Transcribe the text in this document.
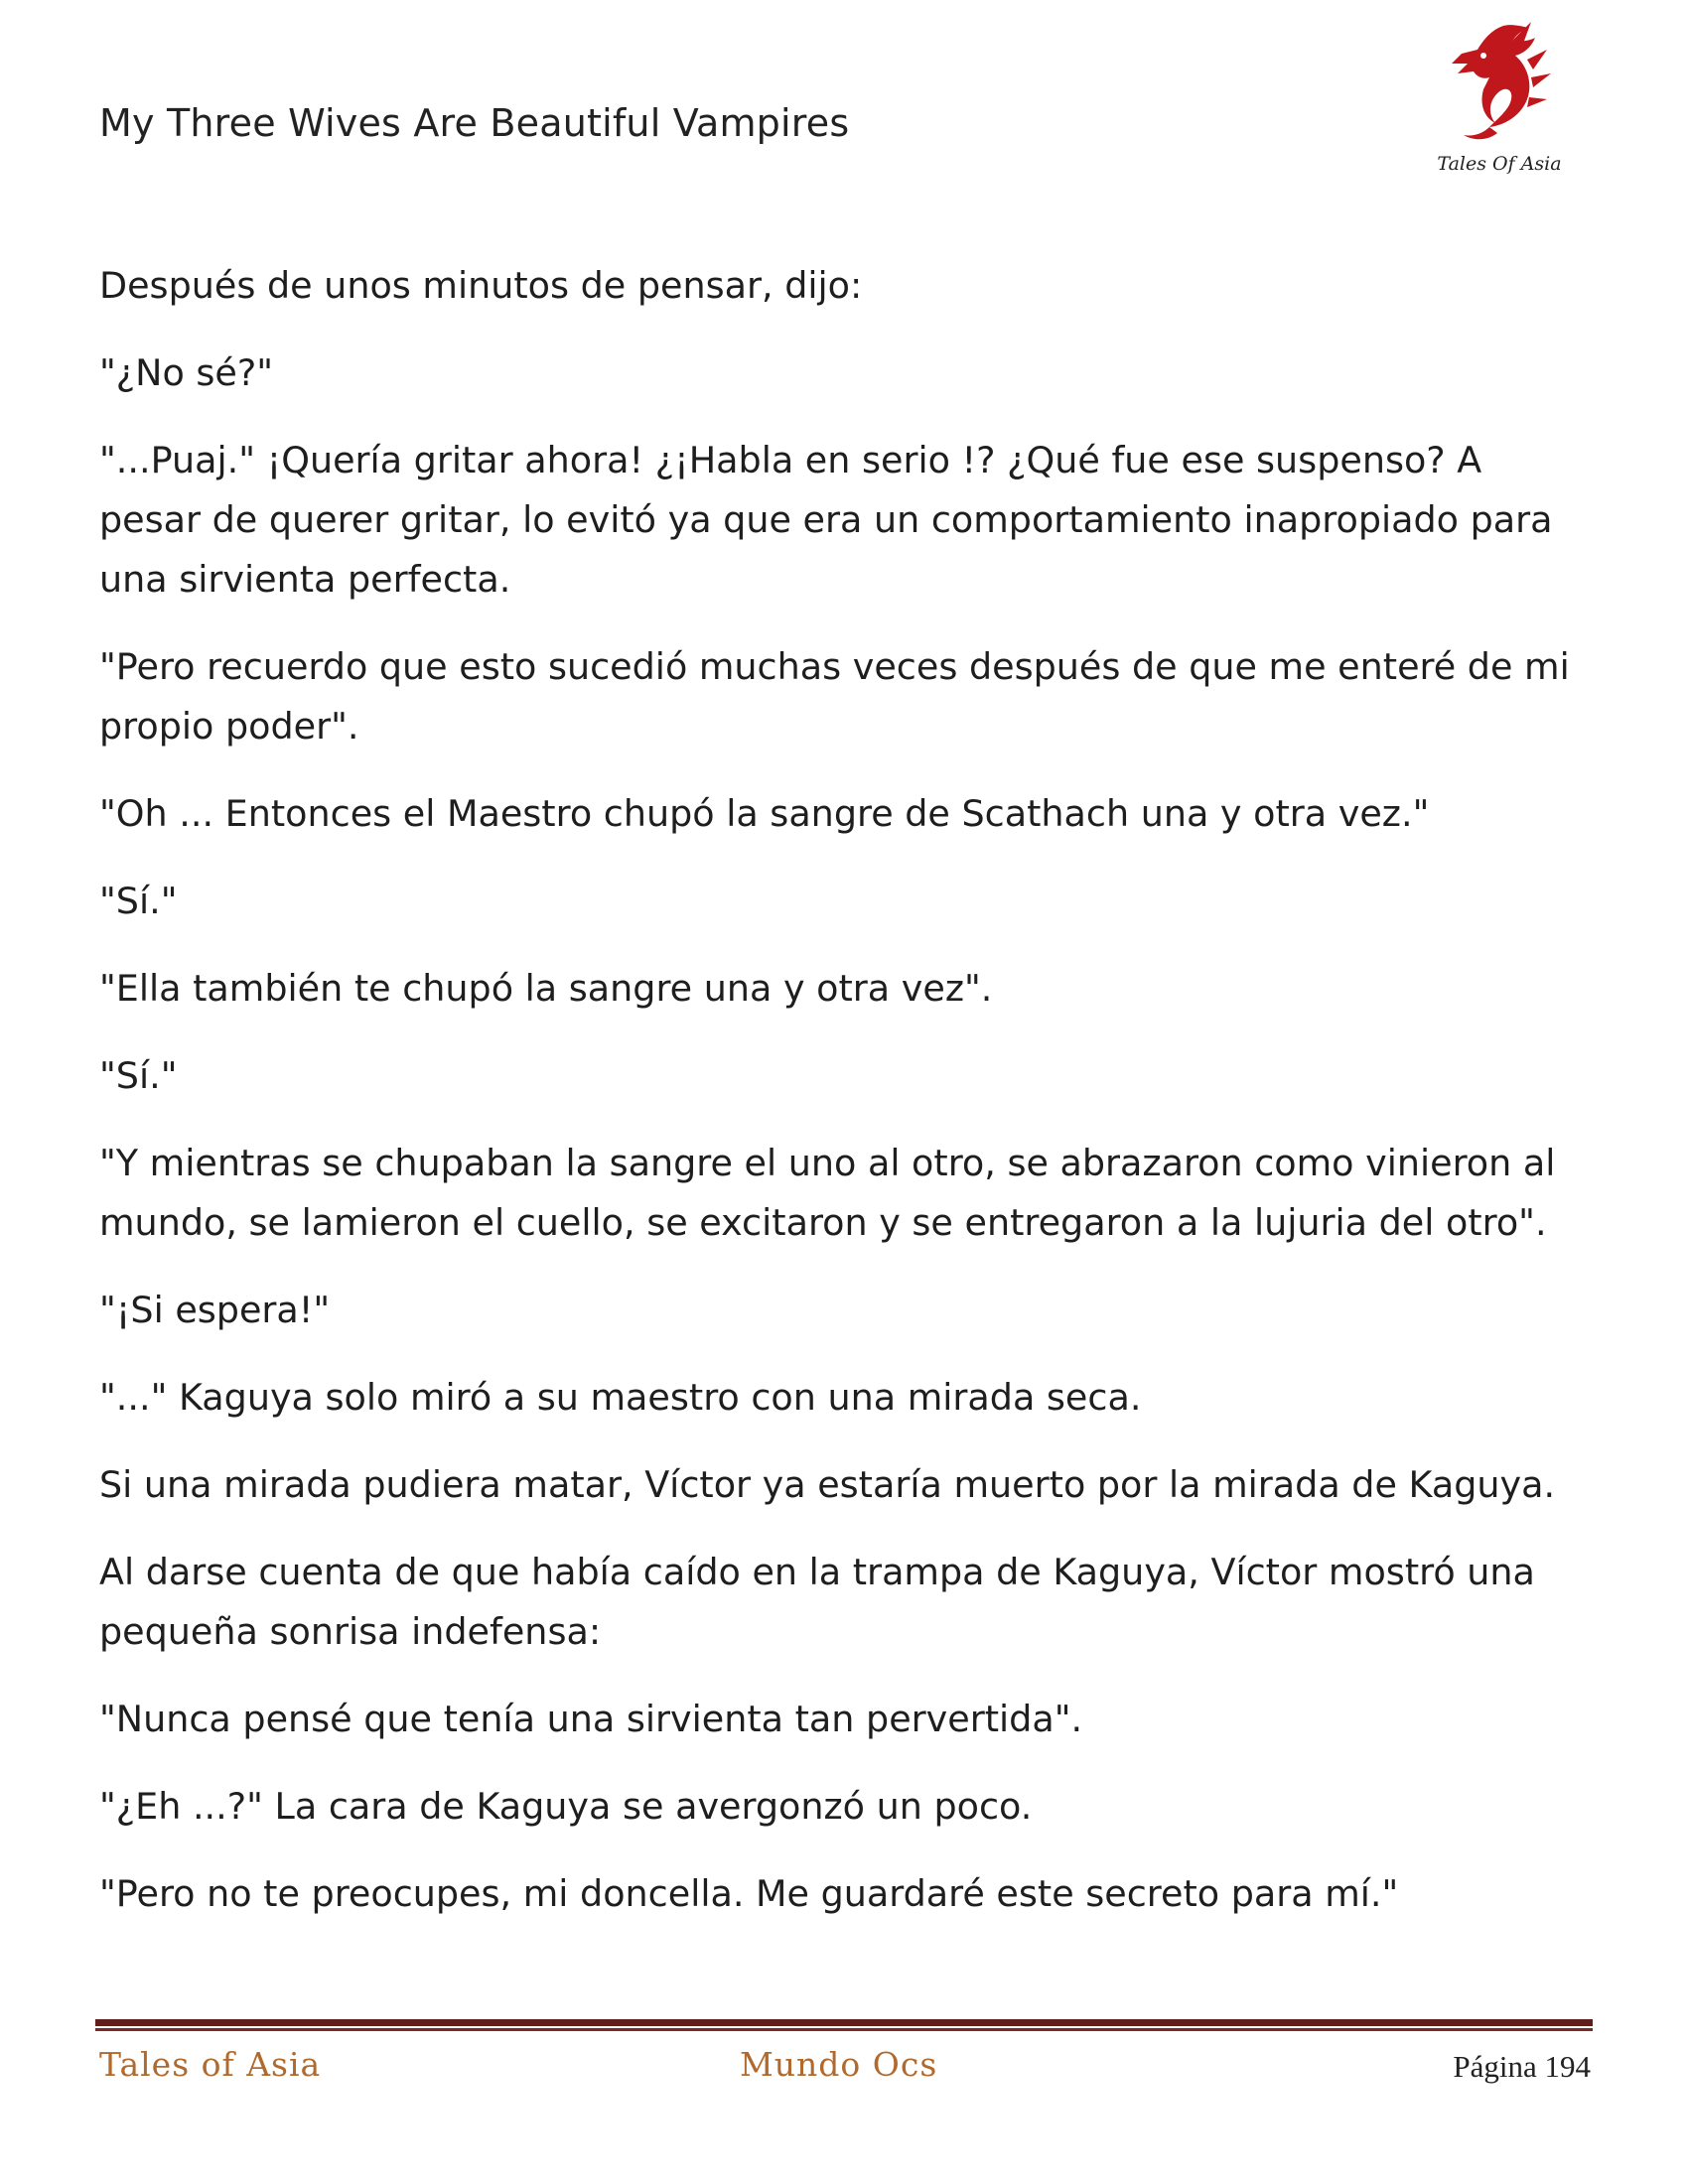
My Three Wives Are Beautiful Vampires
Tales Of Asia

Después de unos minutos de pensar, dijo:

"¿No sé?"

"...Puaj." ¡Quería gritar ahora! ¿¡Habla en serio !? ¿Qué fue ese suspenso? A pesar de querer gritar, lo evitó ya que era un comportamiento inapropiado para una sirvienta perfecta.

"Pero recuerdo que esto sucedió muchas veces después de que me enteré de mi propio poder".

"Oh ... Entonces el Maestro chupó la sangre de Scathach una y otra vez."

"Sí."

"Ella también te chupó la sangre una y otra vez".

"Sí."

"Y mientras se chupaban la sangre el uno al otro, se abrazaron como vinieron al mundo, se lamieron el cuello, se excitaron y se entregaron a la lujuria del otro".

"¡Si espera!"

"..." Kaguya solo miró a su maestro con una mirada seca.

Si una mirada pudiera matar, Víctor ya estaría muerto por la mirada de Kaguya.

Al darse cuenta de que había caído en la trampa de Kaguya, Víctor mostró una pequeña sonrisa indefensa:

"Nunca pensé que tenía una sirvienta tan pervertida".

"¿Eh ...?" La cara de Kaguya se avergonzó un poco.

"Pero no te preocupes, mi doncella. Me guardaré este secreto para mí."

Tales of Asia	Mundo Ocs	Página 194
